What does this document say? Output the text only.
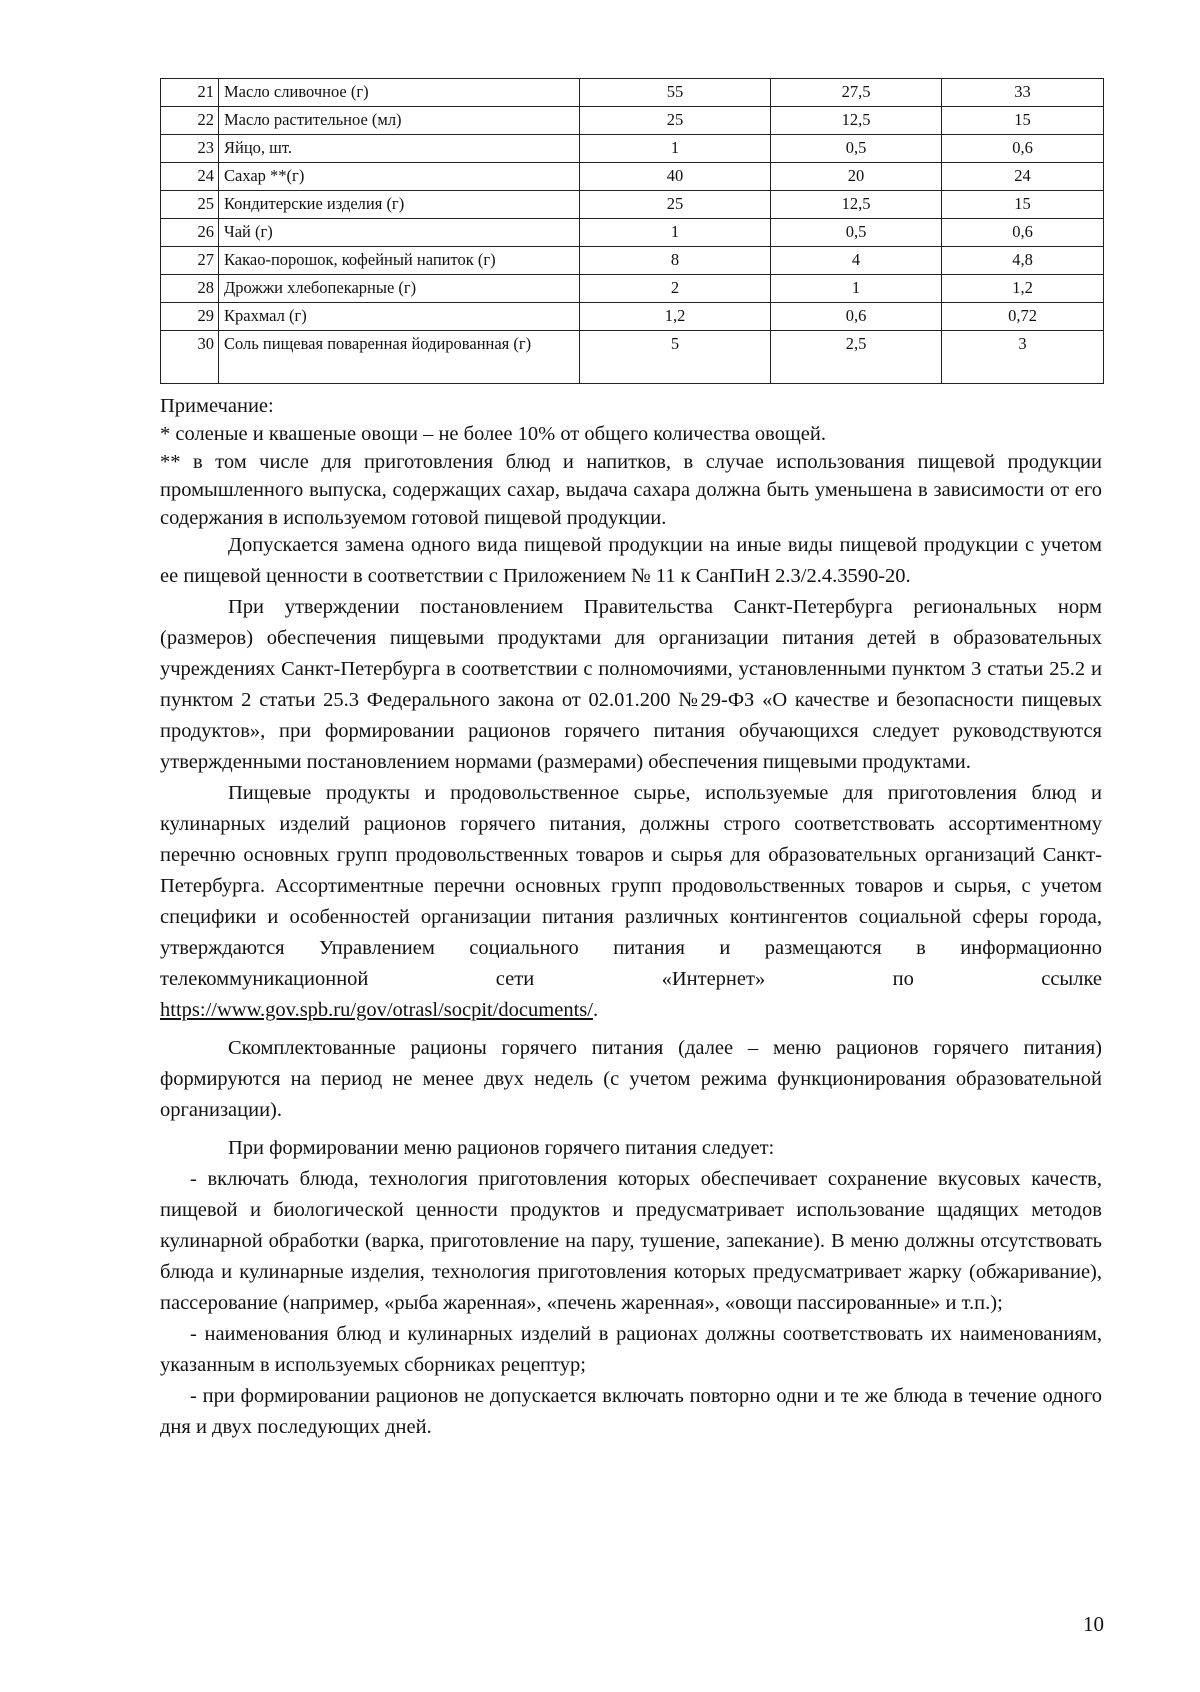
21	Масло сливочное (г)	55	27,5	33
22	Масло растительное (мл)	25	12,5	15
23	Яйцо, шт.	1	0,5	0,6
24	Сахар **(г)	40	20	24
25	Кондитерские изделия (г)	25	12,5	15
26	Чай (г)	1	0,5	0,6
27	Какао-порошок, кофейный напиток (г)	8	4	4,8
28	Дрожжи хлебопекарные (г)	2	1	1,2
29	Крахмал (г)	1,2	0,6	0,72
30	Соль пищевая поваренная йодированная (г)	5	2,5	3

Примечание:

* соленые и квашеные овощи – не более 10% от общего количества овощей.

** в том числе для приготовления блюд и напитков, в случае использования пищевой продукции промышленного выпуска, содержащих сахар, выдача сахара должна быть уменьшена в зависимости от его содержания в используемом готовой пищевой продукции.

Допускается замена одного вида пищевой продукции на иные виды пищевой продукции с учетом ее пищевой ценности в соответствии с Приложением № 11 к СанПиН 2.3/2.4.3590-20.

При утверждении постановлением Правительства Санкт-Петербурга региональных норм (размеров) обеспечения пищевыми продуктами для организации питания детей в образовательных учреждениях Санкт-Петербурга в соответствии с полномочиями, установленными пунктом 3 статьи 25.2 и пунктом 2 статьи 25.3 Федерального закона от 02.01.200 №29-ФЗ «О качестве и безопасности пищевых продуктов», при формировании рационов горячего питания обучающихся следует руководствуются утвержденными постановлением нормами (размерами) обеспечения пищевыми продуктами.

Пищевые продукты и продовольственное сырье, используемые для приготовления блюд и кулинарных изделий рационов горячего питания, должны строго соответствовать ассортиментному перечню основных групп продовольственных товаров и сырья для образовательных организаций Санкт-Петербурга. Ассортиментные перечни основных групп продовольственных товаров и сырья, с учетом специфики и особенностей организации питания различных контингентов социальной сферы города, утверждаются Управлением социального питания и размещаются в информационно телекоммуникационной сети «Интернет» по ссылке

https://www.gov.spb.ru/gov/otrasl/socpit/documents/.

Скомплектованные рационы горячего питания (далее – меню рационов горячего питания) формируются на период не менее двух недель (с учетом режима функционирования образовательной организации).

При формировании меню рационов горячего питания следует:

- включать блюда, технология приготовления которых обеспечивает сохранение вкусовых качеств, пищевой и биологической ценности продуктов и предусматривает использование щадящих методов кулинарной обработки (варка, приготовление на пару, тушение, запекание). В меню должны отсутствовать блюда и кулинарные изделия, технология приготовления которых предусматривает жарку (обжаривание), пассерование (например, «рыба жаренная», «печень жаренная», «овощи пассированные» и т.п.);

- наименования блюд и кулинарных изделий в рационах должны соответствовать их наименованиям, указанным в используемых сборниках рецептур;

- при формировании рационов не допускается включать повторно одни и те же блюда в течение одного дня и двух последующих дней.

10
